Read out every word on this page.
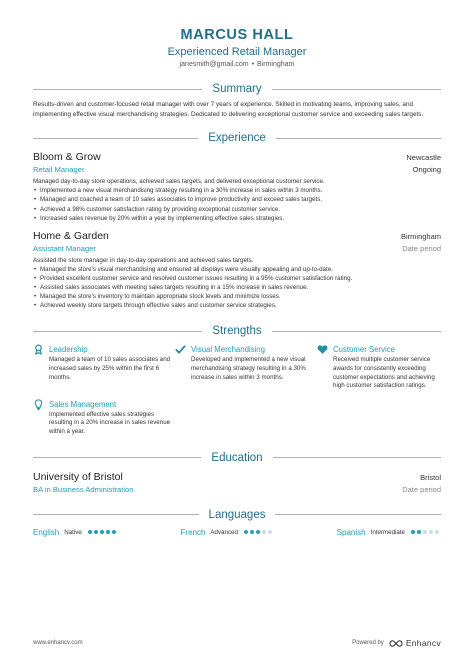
MARCUS HALL
Experienced Retail Manager
janesmith@gmail.com • Birmingham
Summary
Results-driven and customer-focused retail manager with over 7 years of experience. Skilled in motivating teams, improving sales, and implementing effective visual merchandising strategies. Dedicated to delivering exceptional customer service and exceeding sales targets.
Experience
Bloom & Grow	Newcastle
Retail Manager	Ongoing
Managed day-to-day store operations, achieved sales targets, and delivered exceptional customer service.
• Implemented a new visual merchandising strategy resulting in a 30% increase in sales within 3 months.
• Managed and coached a team of 10 sales associates to improve productivity and exceed sales targets.
• Achieved a 98% customer satisfaction rating by providing exceptional customer service.
• Increased sales revenue by 20% within a year by implementing effective sales strategies.
Home & Garden	Birmingham
Assistant Manager	Date period
Assisted the store manager in day-to-day operations and achieved sales targets.
• Managed the store's visual merchandising and ensured all displays were visually appealing and up-to-date.
• Provided excellent customer service and resolved customer issues resulting in a 95% customer satisfaction rating.
• Assisted sales associates with meeting sales targets resulting in a 15% increase in sales revenue.
• Managed the store's inventory to maintain appropriate stock levels and minimize losses.
• Achieved weekly store targets through effective sales and customer service strategies.
Strengths
Leadership
Managed a team of 10 sales associates and increased sales by 25% within the first 6 months.
Visual Merchandising
Developed and implemented a new visual merchandising strategy resulting in a 30% increase in sales within 3 months.
Customer Service
Received multiple customer service awards for consistently exceeding customer expectations and achieving high customer satisfaction ratings.
Sales Management
Implemented effective sales strategies resulting in a 20% increase in sales revenue within a year.
Education
University of Bristol	Bristol
BA in Business Administration	Date period
Languages
English Native	French Advanced	Spanish Intermediate
www.enhancv.com	Powered by	Enhancv
